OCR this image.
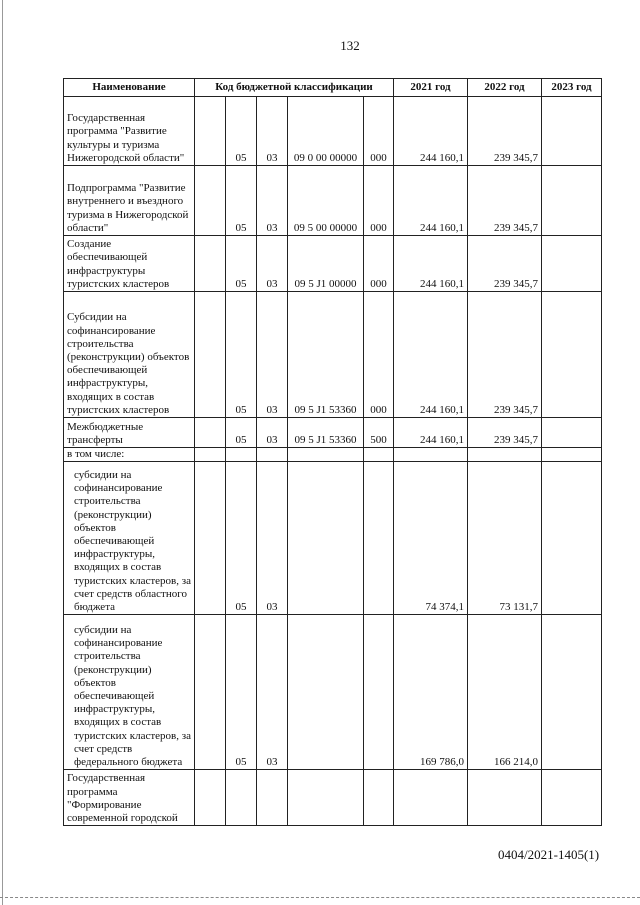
132
Наименование	Код бюджетной классификации					2021 год	2022 год	2023 год
Государственная программа "Развитие культуры и туризма Нижегородской области"		05	03	09 0 00 00000	000	244 160,1	239 345,7	
Подпрограмма "Развитие внутреннего и въездного туризма в Нижегородской области"		05	03	09 5 00 00000	000	244 160,1	239 345,7	
Создание обеспечивающей инфраструктуры туристских кластеров		05	03	09 5 J1 00000	000	244 160,1	239 345,7	
Субсидии на софинансирование строительства (реконструкции) объектов обеспечивающей инфраструктуры, входящих в состав туристских кластеров		05	03	09 5 J1 53360	000	244 160,1	239 345,7	
Межбюджетные трансферты		05	03	09 5 J1 53360	500	244 160,1	239 345,7	
в том числе:								
субсидии на софинансирование строительства (реконструкции) объектов обеспечивающей инфраструктуры, входящих в состав туристских кластеров, за счет средств областного бюджета		05	03			74 374,1	73 131,7	
субсидии на софинансирование строительства (реконструкции) объектов обеспечивающей инфраструктуры, входящих в состав туристских кластеров, за счет средств федерального бюджета		05	03			169 786,0	166 214,0	
Государственная программа "Формирование современной городской								
0404/2021-1405(1)
